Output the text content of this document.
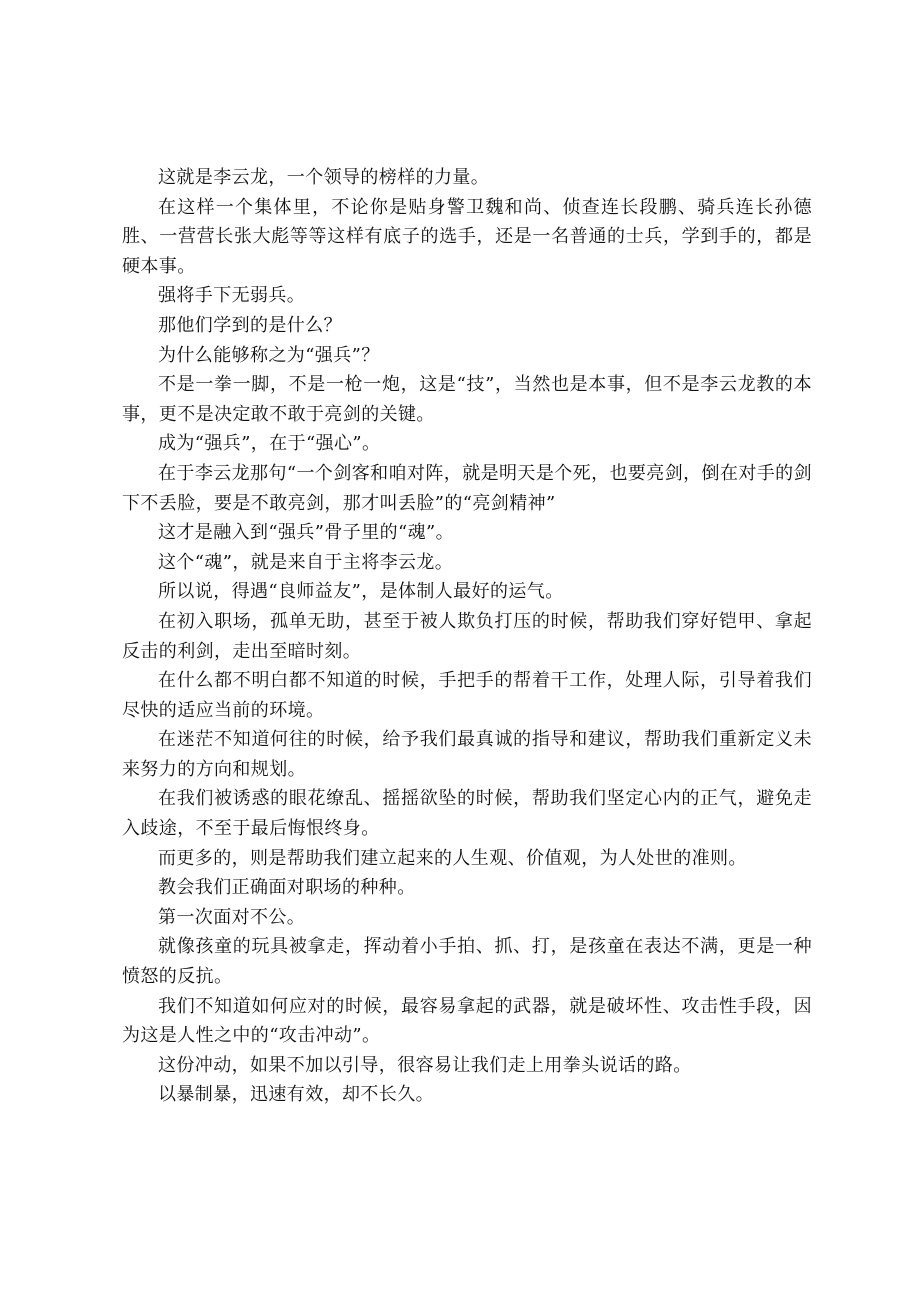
这就是李云龙，一个领导的榜样的力量。

在这样一个集体里，不论你是贴身警卫魏和尚、侦查连长段鹏、骑兵连长孙德胜、一营营长张大彪等等这样有底子的选手，还是一名普通的士兵，学到手的，都是硬本事。

强将手下无弱兵。

那他们学到的是什么？

为什么能够称之为“强兵”？

不是一拳一脚，不是一枪一炮，这是“技”，当然也是本事，但不是李云龙教的本事，更不是决定敢不敢于亮剑的关键。

成为“强兵”，在于“强心”。

在于李云龙那句“一个剑客和咱对阵，就是明天是个死，也要亮剑，倒在对手的剑下不丢脸，要是不敢亮剑，那才叫丢脸”的“亮剑精神”

这才是融入到“强兵”骨子里的“魂”。

这个“魂”，就是来自于主将李云龙。

所以说，得遇“良师益友”，是体制人最好的运气。

在初入职场，孤单无助，甚至于被人欺负打压的时候，帮助我们穿好铠甲、拿起反击的利剑，走出至暗时刻。

在什么都不明白都不知道的时候，手把手的帮着干工作，处理人际，引导着我们尽快的适应当前的环境。

在迷茫不知道何往的时候，给予我们最真诚的指导和建议，帮助我们重新定义未来努力的方向和规划。

在我们被诱惑的眼花缭乱、摇摇欲坠的时候，帮助我们坚定心内的正气，避免走入歧途，不至于最后悔恨终身。

而更多的，则是帮助我们建立起来的人生观、价值观，为人处世的准则。

教会我们正确面对职场的种种。

第一次面对不公。

就像孩童的玩具被拿走，挥动着小手拍、抓、打，是孩童在表达不满，更是一种愤怒的反抗。

我们不知道如何应对的时候，最容易拿起的武器，就是破坏性、攻击性手段，因为这是人性之中的“攻击冲动”。

这份冲动，如果不加以引导，很容易让我们走上用拳头说话的路。

以暴制暴，迅速有效，却不长久。
